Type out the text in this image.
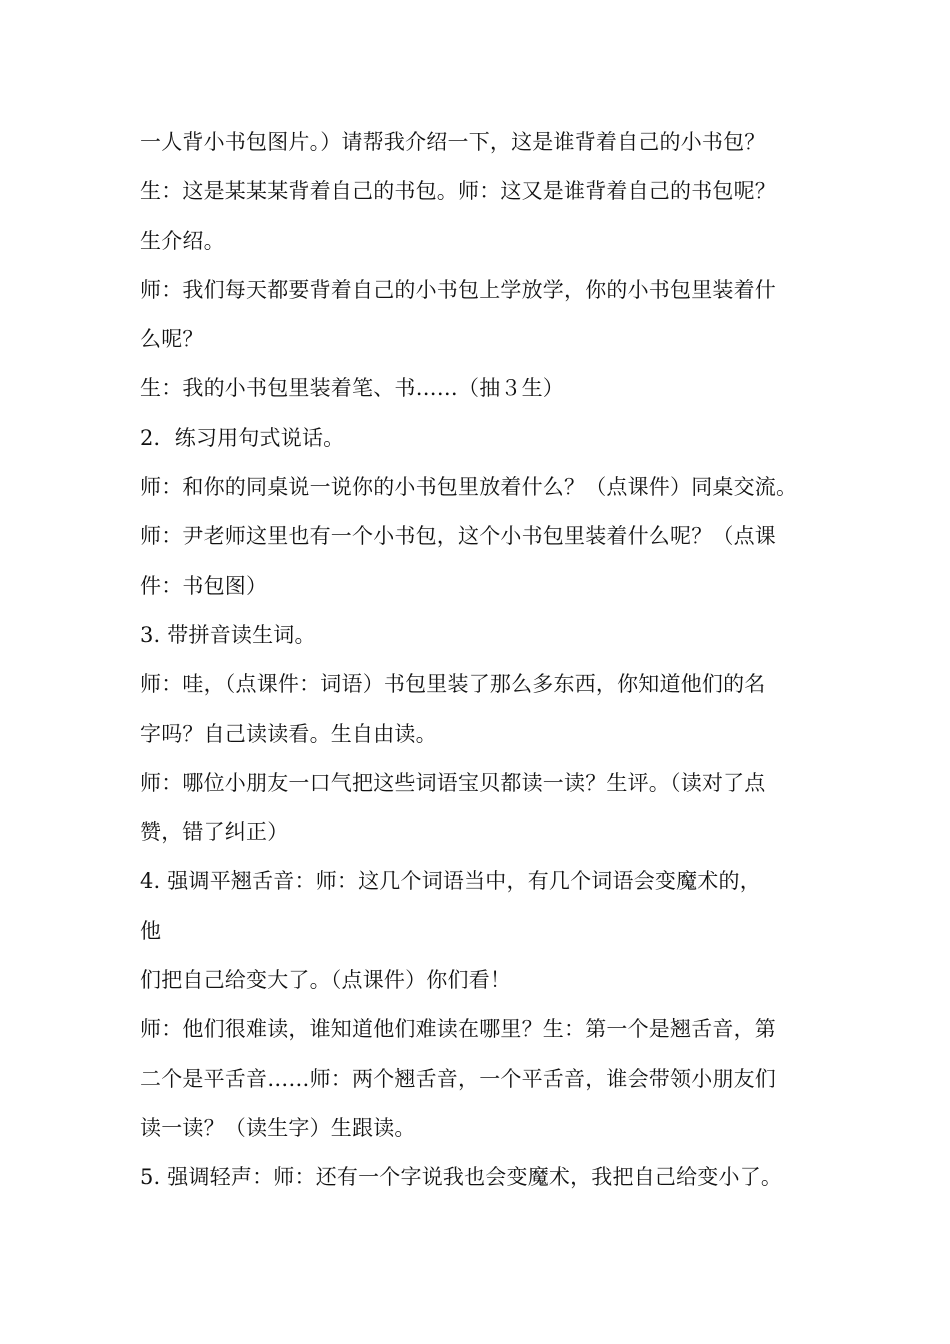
一人背小书包图片。）请帮我介绍一下，这是谁背着自己的小书包？
生：这是某某某背着自己的书包。师：这又是谁背着自己的书包呢？
生介绍。
师：我们每天都要背着自己的小书包上学放学，你的小书包里装着什
么呢？
生：我的小书包里装着笔、书……（抽３生）
2．练习用句式说话。
师：和你的同桌说一说你的小书包里放着什么？（点课件）同桌交流。
师：尹老师这里也有一个小书包，这个小书包里装着什么呢？（点课
件：书包图）
3. 带拼音读生词。
师：哇，（点课件：词语）书包里装了那么多东西，你知道他们的名
字吗？自己读读看。生自由读。
师：哪位小朋友一口气把这些词语宝贝都读一读？生评。（读对了点
赞，错了纠正）
4. 强调平翘舌音：师：这几个词语当中，有几个词语会变魔术的，
他
们把自己给变大了。（点课件）你们看！
师：他们很难读，谁知道他们难读在哪里？生：第一个是翘舌音，第
二个是平舌音……师：两个翘舌音，一个平舌音，谁会带领小朋友们
读一读？（读生字）生跟读。
5. 强调轻声：师：还有一个字说我也会变魔术，我把自己给变小了。
